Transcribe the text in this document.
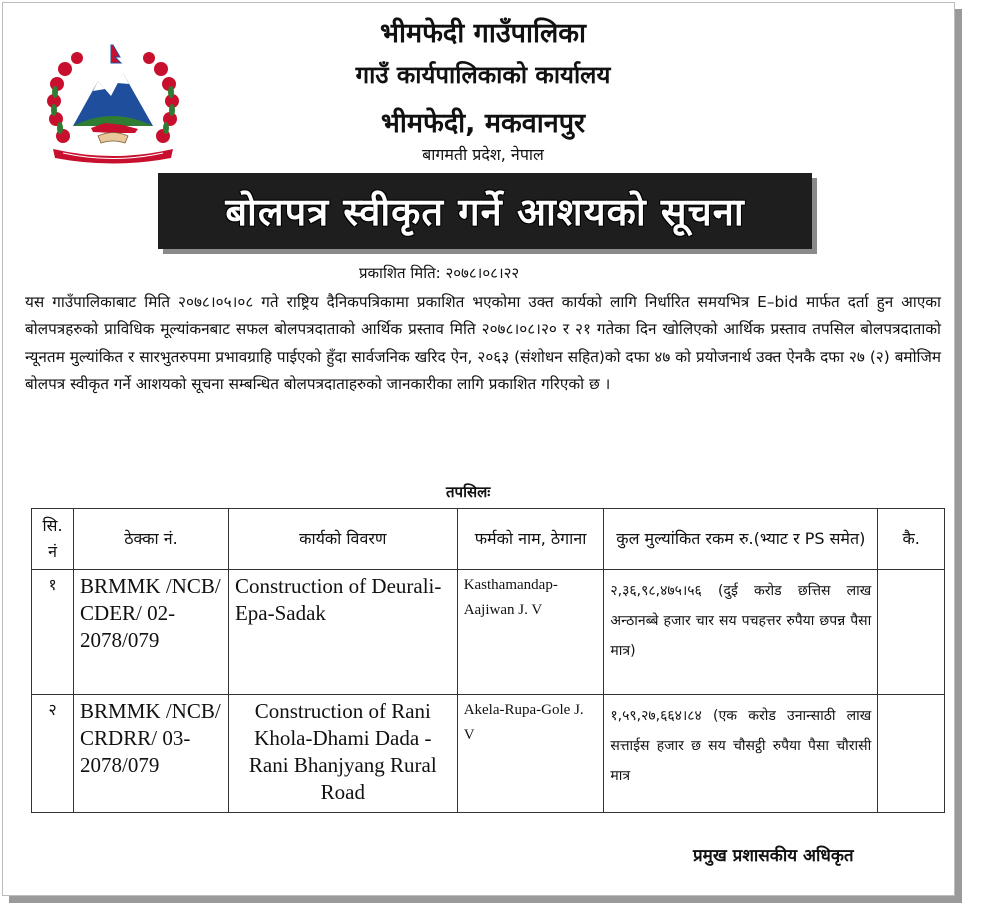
भीमफेदी गाउँपालिका
गाउँ कार्यपालिकाको कार्यालय
भीमफेदी, मकवानपुर
बागमती प्रदेश, नेपाल
बोलपत्र स्वीकृत गर्ने आशयको सूचना
प्रकाशित मिति: २०७८।०८।२२

यस गाउँपालिकाबाट मिति २०७८।०५।०८ गते राष्ट्रिय दैनिकपत्रिकामा प्रकाशित भएकोमा उक्त कार्यको लागि निर्धारित समयभित्र E–bid मार्फत दर्ता हुन आएका बोलपत्रहरुको प्राविधिक मूल्यांकनबाट सफल बोलपत्रदाताको आर्थिक प्रस्ताव मिति २०७८।०८।२० र २१ गतेका दिन खोलिएको आर्थिक प्रस्ताव तपसिल बोलपत्रदाताको न्यूनतम मुल्यांकित र सारभुतरुपमा प्रभावग्राहि पाईएको हुँदा सार्वजनिक खरिद ऐन, २०६३ (संशोधन सहित)को दफा ४७ को प्रयोजनार्थ उक्त ऐनकै दफा २७ (२) बमोजिम बोलपत्र स्वीकृत गर्ने आशयको सूचना सम्बन्धित बोलपत्रदाताहरुको जानकारीका लागि प्रकाशित गरिएको छ ।

तपसिलः
सि. नं	ठेक्का नं.	कार्यको विवरण	फर्मको नाम, ठेगाना	कुल मुल्यांकित रकम रु.(भ्याट र PS समेत)	कै.
१	BRMMK /NCB/ CDER/ 02-2078/079	Construction of Deurali-Epa-Sadak	Kasthamandap-Aajiwan J. V	२,३६,९८,४७५।५६ (दुई करोड छत्तिस लाख अन्ठानब्बे हजार चार सय पचहत्तर रुपैया छपन्न पैसा मात्र)	
२	BRMMK /NCB/ CRDRR/ 03-2078/079	Construction of Rani Khola-Dhami Dada -Rani Bhanjyang Rural Road	Akela-Rupa-Gole J. V	१,५९,२७,६६४।८४ (एक करोड उनान्साठी लाख सत्ताईस हजार छ सय चौसट्ठी रुपैया पैसा चौरासी मात्र	
प्रमुख प्रशासकीय अधिकृत
